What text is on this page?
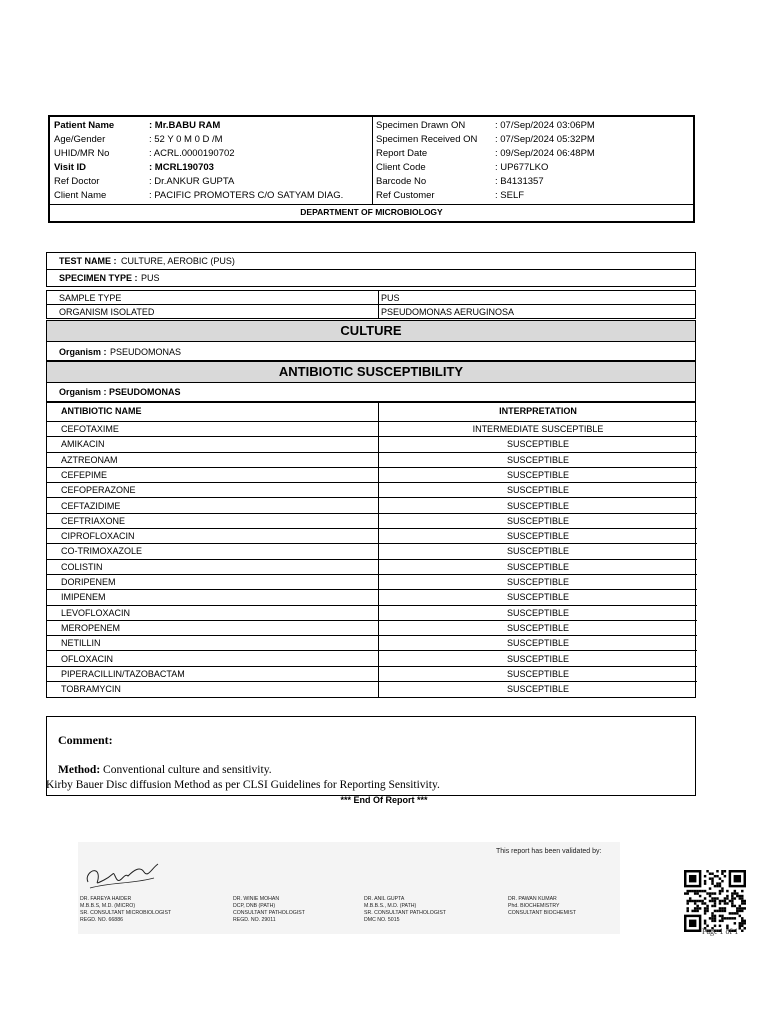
Patient Name	: Mr.BABU RAM
Age/Gender	: 52 Y 0 M 0 D /M
UHID/MR No	: ACRL.0000190702
Visit ID	: MCRL190703
Ref Doctor	: Dr.ANKUR GUPTA
Client Name	: PACIFIC PROMOTERS C/O SATYAM DIAG.
Specimen Drawn ON	: 07/Sep/2024 03:06PM
Specimen Received ON : 07/Sep/2024 05:32PM
Report Date	: 09/Sep/2024 06:48PM
Client Code	: UP677LKO
Barcode No	: B4131357
Ref Customer	: SELF
DEPARTMENT OF MICROBIOLOGY
TEST NAME : CULTURE, AEROBIC (PUS)
SPECIMEN TYPE : PUS
SAMPLE TYPE	PUS
ORGANISM ISOLATED	PSEUDOMONAS AERUGINOSA
CULTURE
Organism : PSEUDOMONAS
ANTIBIOTIC SUSCEPTIBILITY
Organism : PSEUDOMONAS
ANTIBIOTIC NAME	INTERPRETATION
CEFOTAXIME	INTERMEDIATE SUSCEPTIBLE
AMIKACIN	SUSCEPTIBLE
AZTREONAM	SUSCEPTIBLE
CEFEPIME	SUSCEPTIBLE
CEFOPERAZONE	SUSCEPTIBLE
CEFTAZIDIME	SUSCEPTIBLE
CEFTRIAXONE	SUSCEPTIBLE
CIPROFLOXACIN	SUSCEPTIBLE
CO-TRIMOXAZOLE	SUSCEPTIBLE
COLISTIN	SUSCEPTIBLE
DORIPENEM	SUSCEPTIBLE
IMIPENEM	SUSCEPTIBLE
LEVOFLOXACIN	SUSCEPTIBLE
MEROPENEM	SUSCEPTIBLE
NETILLIN	SUSCEPTIBLE
OFLOXACIN	SUSCEPTIBLE
PIPERACILLIN/TAZOBACTAM	SUSCEPTIBLE
TOBRAMYCIN	SUSCEPTIBLE
Comment:
Method: Conventional culture and sensitivity.
Kirby Bauer Disc diffusion Method as per CLSI Guidelines for Reporting Sensitivity.
*** End Of Report ***
This report has been validated by:
DR. FAREYA HAIDER
M.B.B.S, M.D. (MICRO)
SR. CONSULTANT MICROBIOLOGIST
REGD. NO. 66886
DR. WINIE MOHAN
DCP, DNB (PATH)
CONSULTANT PATHOLOGIST
REGD. NO. 29011
DR. ANIL GUPTA
M.B.B.S., M.D. (PATH)
SR. CONSULTANT PATHOLOGIST
DMC NO. 5015
DR. PAWAN KUMAR
Phd. BIOCHEMISTRY
CONSULTANT BIOCHEMIST
Page 1 of 1
